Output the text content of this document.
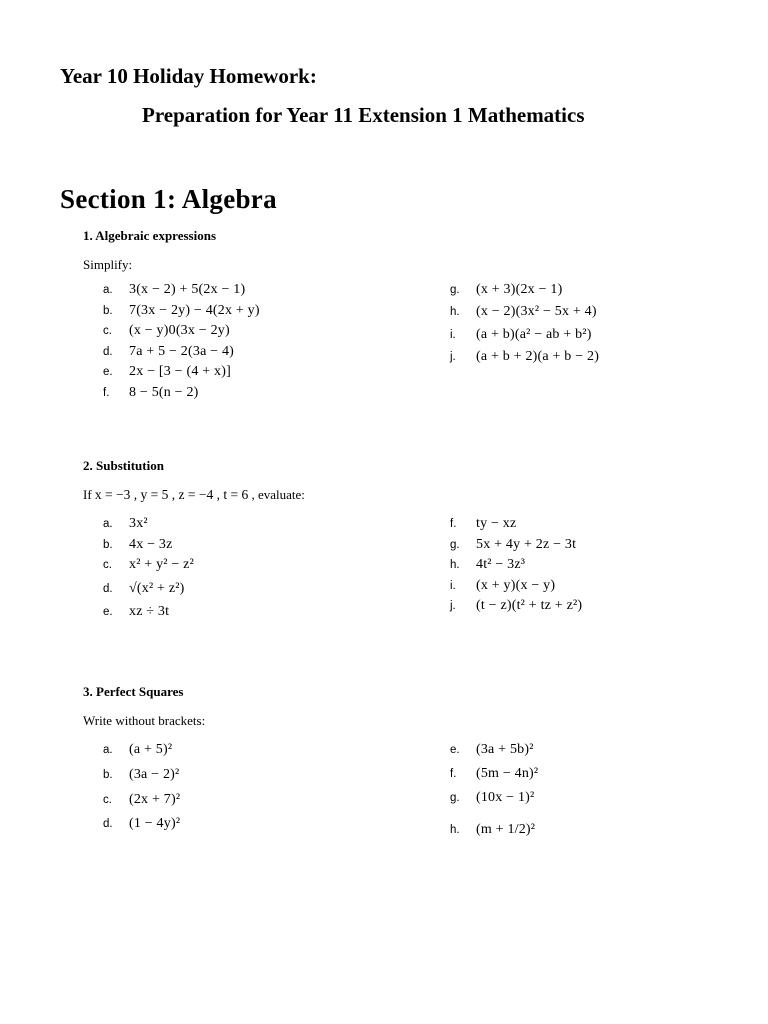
Year 10 Holiday Homework:
Preparation for Year 11 Extension 1 Mathematics
Section 1: Algebra
1. Algebraic expressions
Simplify:
a.	3(x − 2) + 5(2x − 1)
b.	7(3x − 2y) − 4(2x + y)
c.	(x − y)0(3x − 2y)
d.	7a + 5 − 2(3a − 4)
e.	2x − [3 − (4 + x)]
f.	8 − 5(n − 2)
g.	(x + 3)(2x − 1)
h.	(x − 2)(3x² − 5x + 4)
i.	(a + b)(a² − ab + b²)
j.	(a + b + 2)(a + b − 2)
2. Substitution
If x = −3 , y = 5 , z = −4 , t = 6 , evaluate:
a.	3x²
b.	4x − 3z
c.	x² + y² − z²
d.	√(x² + z²)
e.	xz ÷ 3t
f.	ty − xz
g.	5x + 4y + 2z − 3t
h.	4t² − 3z³
i.	(x + y)(x − y)
j.	(t − z)(t² + tz + z²)
3. Perfect Squares
Write without brackets:
a.	(a + 5)²
b.	(3a − 2)²
c.	(2x + 7)²
d.	(1 − 4y)²
e.	(3a + 5b)²
f.	(5m − 4n)²
g.	(10x − 1)²
h.	(m + 1/2)²
